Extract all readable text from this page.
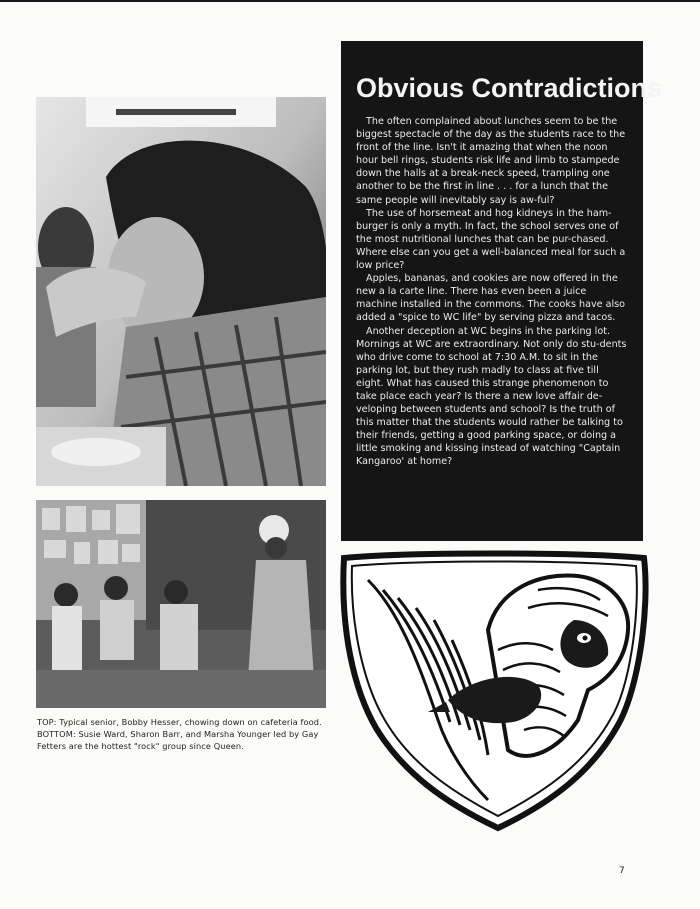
TOP: Typical senior, Bobby Hesser, chowing down on cafeteria food.

BOTTOM: Susie Ward, Sharon Barr, and Marsha Younger led by Gay Fetters are the hottest "rock" group since Queen.

Obvious Contradictions

The often complained about lunches seem to be the biggest spectacle of the day as the students race to the front of the line. Isn't it amazing that when the noon hour bell rings, students risk life and limb to stampede down the halls at a break-neck speed, trampling one another to be the first in line . . . for a lunch that the same people will inevitably say is aw-ful?

The use of horsemeat and hog kidneys in the ham-burger is only a myth. In fact, the school serves one of the most nutritional lunches that can be pur-chased. Where else can you get a well-balanced meal for such a low price?

Apples, bananas, and cookies are now offered in the new a la carte line. There has even been a juice machine installed in the commons. The cooks have also added a "spice to WC life" by serving pizza and tacos.

Another deception at WC begins in the parking lot. Mornings at WC are extraordinary. Not only do stu-dents who drive come to school at 7:30 A.M. to sit in the parking lot, but they rush madly to class at five till eight. What has caused this strange phenomenon to take place each year? Is there a new love affair de-veloping between students and school? Is the truth of this matter that the students would rather be talking to their friends, getting a good parking space, or doing a little smoking and kissing instead of watching "Captain Kangaroo' at home?

7
